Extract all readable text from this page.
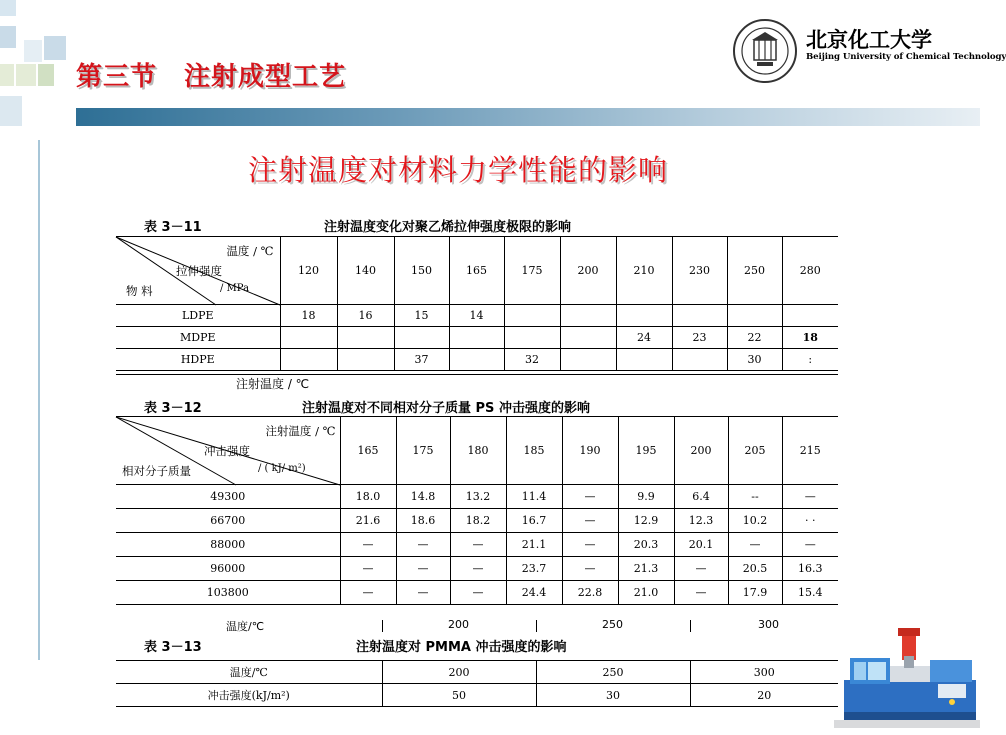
第三节　注射成型工艺
北京化工大学
Beijing University of Chemical Technology
注射温度对材料力学性能的影响
表 3－11	注射温度变化对聚乙烯拉伸强度极限的影响
温度 / ℃
拉伸强度
/ MPa
物 料	120	140	150	165	175	200	210	230	250	280
LDPE	18	16	15	14						
MDPE							24	23	22	18
HDPE			37		32				30	:
注射温度 / ℃
表 3－12	注射温度对不同相对分子质量 PS 冲击强度的影响
注射温度 / ℃
冲击强度
/ ( kJ/ m²)
相对分子质量	165	175	180	185	190	195	200	205	215
49300	18.0	14.8	13.2	11.4	—	9.9	6.4	--	—
66700	21.6	18.6	18.2	16.7	—	12.9	12.3	10.2	· ·
88000	—	—	—	21.1	—	20.3	20.1	—	—
96000	—	—	—	23.7	—	21.3	—	20.5	16.3
103800	—	—	—	24.4	22.8	21.0	—	17.9	15.4
温度/℃	200	250	300
表 3－13	注射温度对 PMMA 冲击强度的影响
温度/℃	200	250	300
冲击强度(kJ/m²)	50	30	20
